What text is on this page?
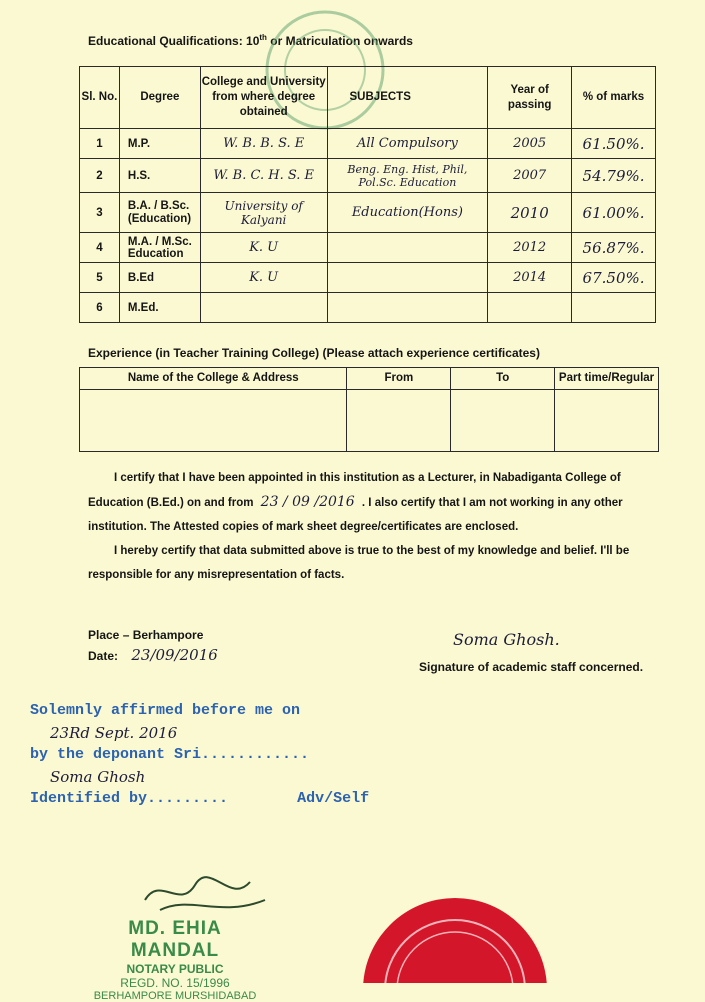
Educational Qualifications: 10th or Matriculation onwards
Sl. No.	Degree	College and University from where degree obtained	SUBJECTS	Year of passing	% of marks
1	M.P.	W. B. B. S. E	All Compulsory	2005	61.50%.
2	H.S.	W. B. C. H. S. E	Beng. Eng. Hist, Phil, Pol.Sc. Education	2007	54.79%.
3	B.A. / B.Sc. (Education)	University of Kalyani	Education(Hons)	2010	61.00%.
4	M.A. / M.Sc. Education	K. U		2012	56.87%.
5	B.Ed	K. U		2014	67.50%.
6	M.Ed.				
Experience (in Teacher Training College) (Please attach experience certificates)
Name of the College & Address	From	To	Part time/Regular

I certify that I have been appointed in this institution as a Lecturer, in Nabadiganta College of
Education (B.Ed.) on and from 23 / 09 /2016 . I also certify that I am not working in any other
institution. The Attested copies of mark sheet degree/certificates are enclosed.
I hereby certify that data submitted above is true to the best of my knowledge and belief. I'll be
responsible for any misrepresentation of facts.
Place – Berhampore
Date: 23/09/2016
Soma Ghosh.
Signature of academic staff concerned.
Solemnly affirmed before me on
23Rd Sept. 2016
by the deponant Sri............
Soma Ghosh
Identified by.........	Adv/Self
MD. EHIA MANDAL
NOTARY PUBLIC
REGD. NO. 15/1996
BERHAMPORE MURSHIDABAD
